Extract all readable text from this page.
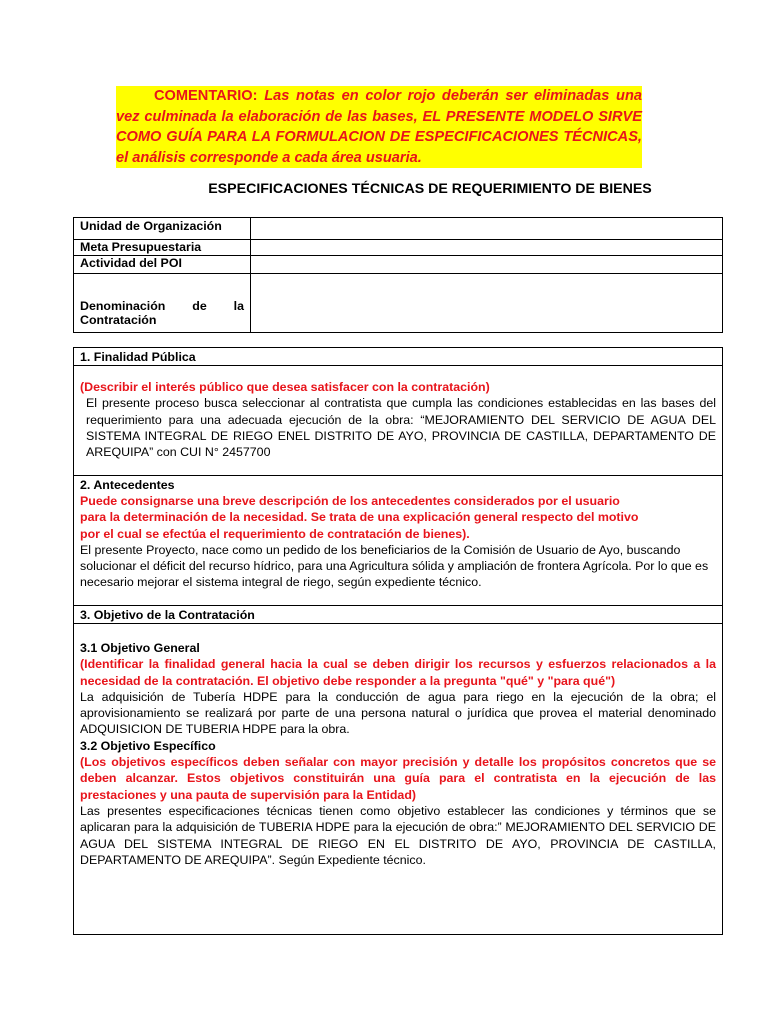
COMENTARIO: Las notas en color rojo deberán ser eliminadas una vez culminada la elaboración de las bases, EL PRESENTE MODELO SIRVE COMO GUÍA PARA LA FORMULACION DE ESPECIFICACIONES TÉCNICAS, el análisis corresponde a cada área usuaria.
ESPECIFICACIONES TÉCNICAS DE REQUERIMIENTO DE BIENES
Unidad de Organización	
Meta Presupuestaria	
Actividad del POI	

Denominación de la
Contratación	

1. Finalidad Pública
(Describir el interés público que desea satisfacer con la contratación)
El presente proceso busca seleccionar al contratista que cumpla las condiciones establecidas en las bases del requerimiento para una adecuada ejecución de la obra: “MEJORAMIENTO DEL SERVICIO DE AGUA DEL SISTEMA INTEGRAL DE RIEGO ENEL DISTRITO DE AYO, PROVINCIA DE CASTILLA, DEPARTAMENTO DE AREQUIPA” con CUI N° 2457700
2. Antecedentes
Puede consignarse una breve descripción de los antecedentes considerados por el usuario
para la determinación de la necesidad. Se trata de una explicación general respecto del motivo
por el cual se efectúa el requerimiento de contratación de bienes).
El presente Proyecto, nace como un pedido de los beneficiarios de la Comisión de Usuario de Ayo, buscando solucionar el déficit del recurso hídrico, para una Agricultura sólida y ampliación de frontera Agrícola. Por lo que es necesario mejorar el sistema integral de riego, según expediente técnico.
3. Objetivo de la Contratación
3.1 Objetivo General
(Identificar la finalidad general hacia la cual se deben dirigir los recursos y esfuerzos relacionados a la necesidad de la contratación. El objetivo debe responder a la pregunta "qué" y "para qué")
La adquisición de Tubería HDPE para la conducción de agua para riego en la ejecución de la obra; el aprovisionamiento se realizará por parte de una persona natural o jurídica que provea el material denominado ADQUISICION DE TUBERIA HDPE para la obra.
3.2 Objetivo Específico
(Los objetivos específicos deben señalar con mayor precisión y detalle los propósitos concretos que se deben alcanzar. Estos objetivos constituirán una guía para el contratista en la ejecución de las prestaciones y una pauta de supervisión para la Entidad)
Las presentes especificaciones técnicas tienen como objetivo establecer las condiciones y términos que se aplicaran para la adquisición de TUBERIA HDPE para la ejecución de obra:” MEJORAMIENTO DEL SERVICIO DE AGUA DEL SISTEMA INTEGRAL DE RIEGO EN EL DISTRITO DE AYO, PROVINCIA DE CASTILLA, DEPARTAMENTO DE AREQUIPA”. Según Expediente técnico.
